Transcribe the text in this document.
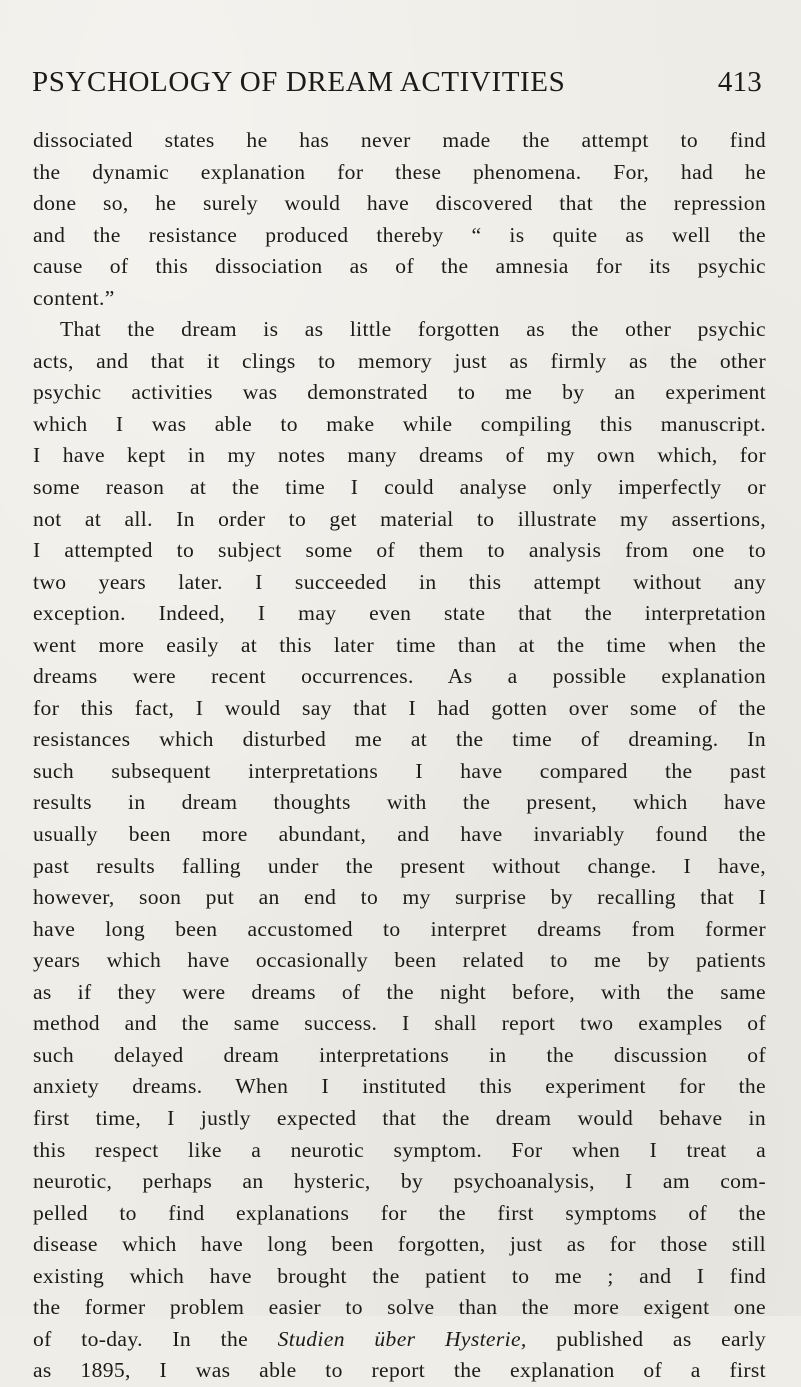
PSYCHOLOGY OF DREAM ACTIVITIES	413
dissociated states he has never made the attempt to find
the dynamic explanation for these phenomena. For, had he
done so, he surely would have discovered that the repression
and the resistance produced thereby “ is quite as well the
cause of this dissociation as of the amnesia for its psychic
content.”
That the dream is as little forgotten as the other psychic
acts, and that it clings to memory just as firmly as the other
psychic activities was demonstrated to me by an experiment
which I was able to make while compiling this manuscript.
I have kept in my notes many dreams of my own which, for
some reason at the time I could analyse only imperfectly or
not at all. In order to get material to illustrate my assertions,
I attempted to subject some of them to analysis from one to
two years later. I succeeded in this attempt without any
exception. Indeed, I may even state that the interpretation
went more easily at this later time than at the time when the
dreams were recent occurrences. As a possible explanation
for this fact, I would say that I had gotten over some of the
resistances which disturbed me at the time of dreaming. In
such subsequent interpretations I have compared the past
results in dream thoughts with the present, which have
usually been more abundant, and have invariably found the
past results falling under the present without change. I have,
however, soon put an end to my surprise by recalling that I
have long been accustomed to interpret dreams from former
years which have occasionally been related to me by patients
as if they were dreams of the night before, with the same
method and the same success. I shall report two examples of
such delayed dream interpretations in the discussion of
anxiety dreams. When I instituted this experiment for the
first time, I justly expected that the dream would behave in
this respect like a neurotic symptom. For when I treat a
neurotic, perhaps an hysteric, by psychoanalysis, I am com-
pelled to find explanations for the first symptoms of the
disease which have long been forgotten, just as for those still
existing which have brought the patient to me ; and I find
the former problem easier to solve than the more exigent one
of to-day. In the Studien über Hysterie, published as early
as 1895, I was able to report the explanation of a first
